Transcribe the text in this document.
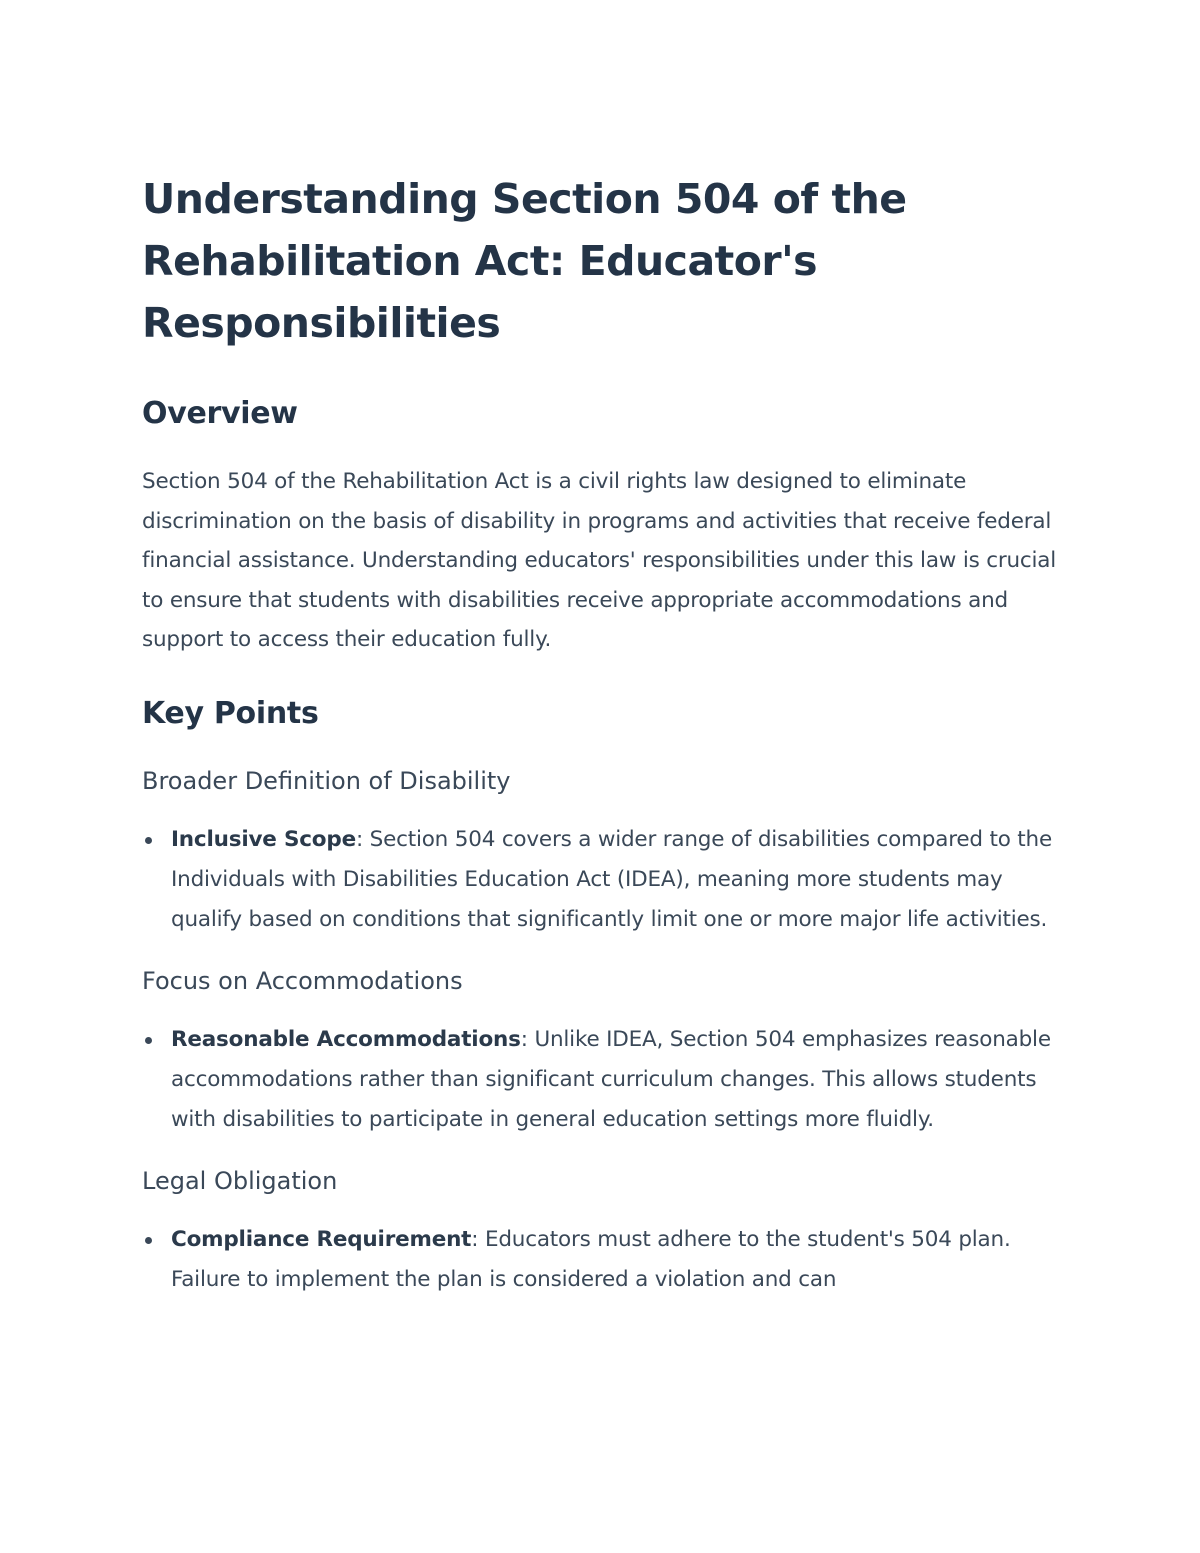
Understanding Section 504 of the Rehabilitation Act: Educator's Responsibilities
Overview

Section 504 of the Rehabilitation Act is a civil rights law designed to eliminate discrimination on the basis of disability in programs and activities that receive federal financial assistance. Understanding educators' responsibilities under this law is crucial to ensure that students with disabilities receive appropriate accommodations and support to access their education fully.

Key Points
Broader Definition of Disability
Inclusive Scope: Section 504 covers a wider range of disabilities compared to the Individuals with Disabilities Education Act (IDEA), meaning more students may qualify based on conditions that significantly limit one or more major life activities.
Focus on Accommodations
Reasonable Accommodations: Unlike IDEA, Section 504 emphasizes reasonable accommodations rather than significant curriculum changes. This allows students with disabilities to participate in general education settings more fluidly.
Legal Obligation
Compliance Requirement: Educators must adhere to the student's 504 plan. Failure to implement the plan is considered a violation and can
